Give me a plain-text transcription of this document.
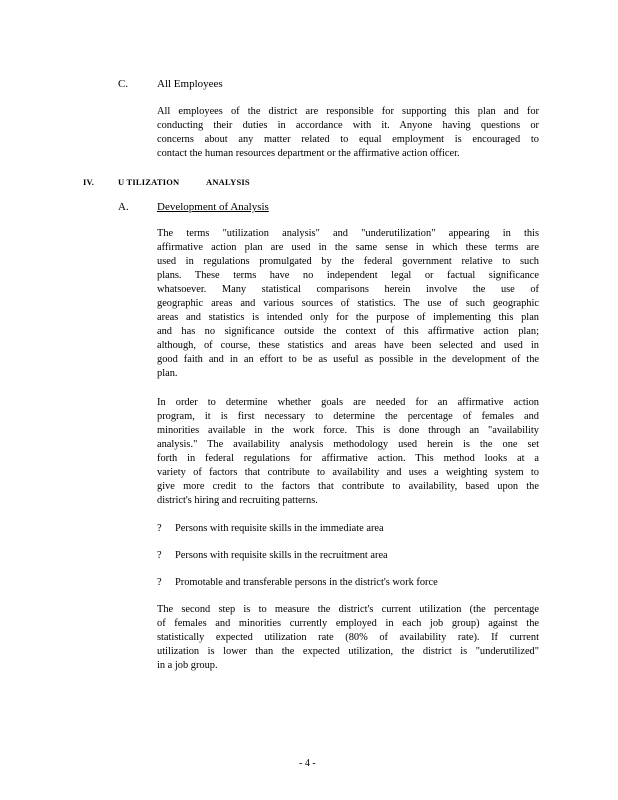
C.	All Employees
All employees of the district are responsible for supporting this plan and for
conducting their duties in accordance with it. Anyone having questions or
concerns about any matter related to equal employment is encouraged to
contact the human resources department or the affirmative action officer.
IV.	U TILIZATION	ANALYSIS
A.	Development of Analysis
The terms "utilization analysis" and "underutilization" appearing in this
affirmative action plan are used in the same sense in which these terms are
used in regulations promulgated by the federal government relative to such
plans. These terms have no independent legal or factual significance
whatsoever. Many statistical comparisons herein involve the use of
geographic areas and various sources of statistics. The use of such geographic
areas and statistics is intended only for the purpose of implementing this plan
and has no significance outside the context of this affirmative action plan;
although, of course, these statistics and areas have been selected and used in
good faith and in an effort to be as useful as possible in the development of the
plan.
In order to determine whether goals are needed for an affirmative action
program, it is first necessary to determine the percentage of females and
minorities available in the work force. This is done through an "availability
analysis." The availability analysis methodology used herein is the one set
forth in federal regulations for affirmative action. This method looks at a
variety of factors that contribute to availability and uses a weighting system to
give more credit to the factors that contribute to availability, based upon the
district's hiring and recruiting patterns.
? Persons with requisite skills in the immediate area
? Persons with requisite skills in the recruitment area
? Promotable and transferable persons in the district's work force
The second step is to measure the district's current utilization (the percentage
of females and minorities currently employed in each job group) against the
statistically expected utilization rate (80% of availability rate). If current
utilization is lower than the expected utilization, the district is "underutilized"
in a job group.
- 4 -
